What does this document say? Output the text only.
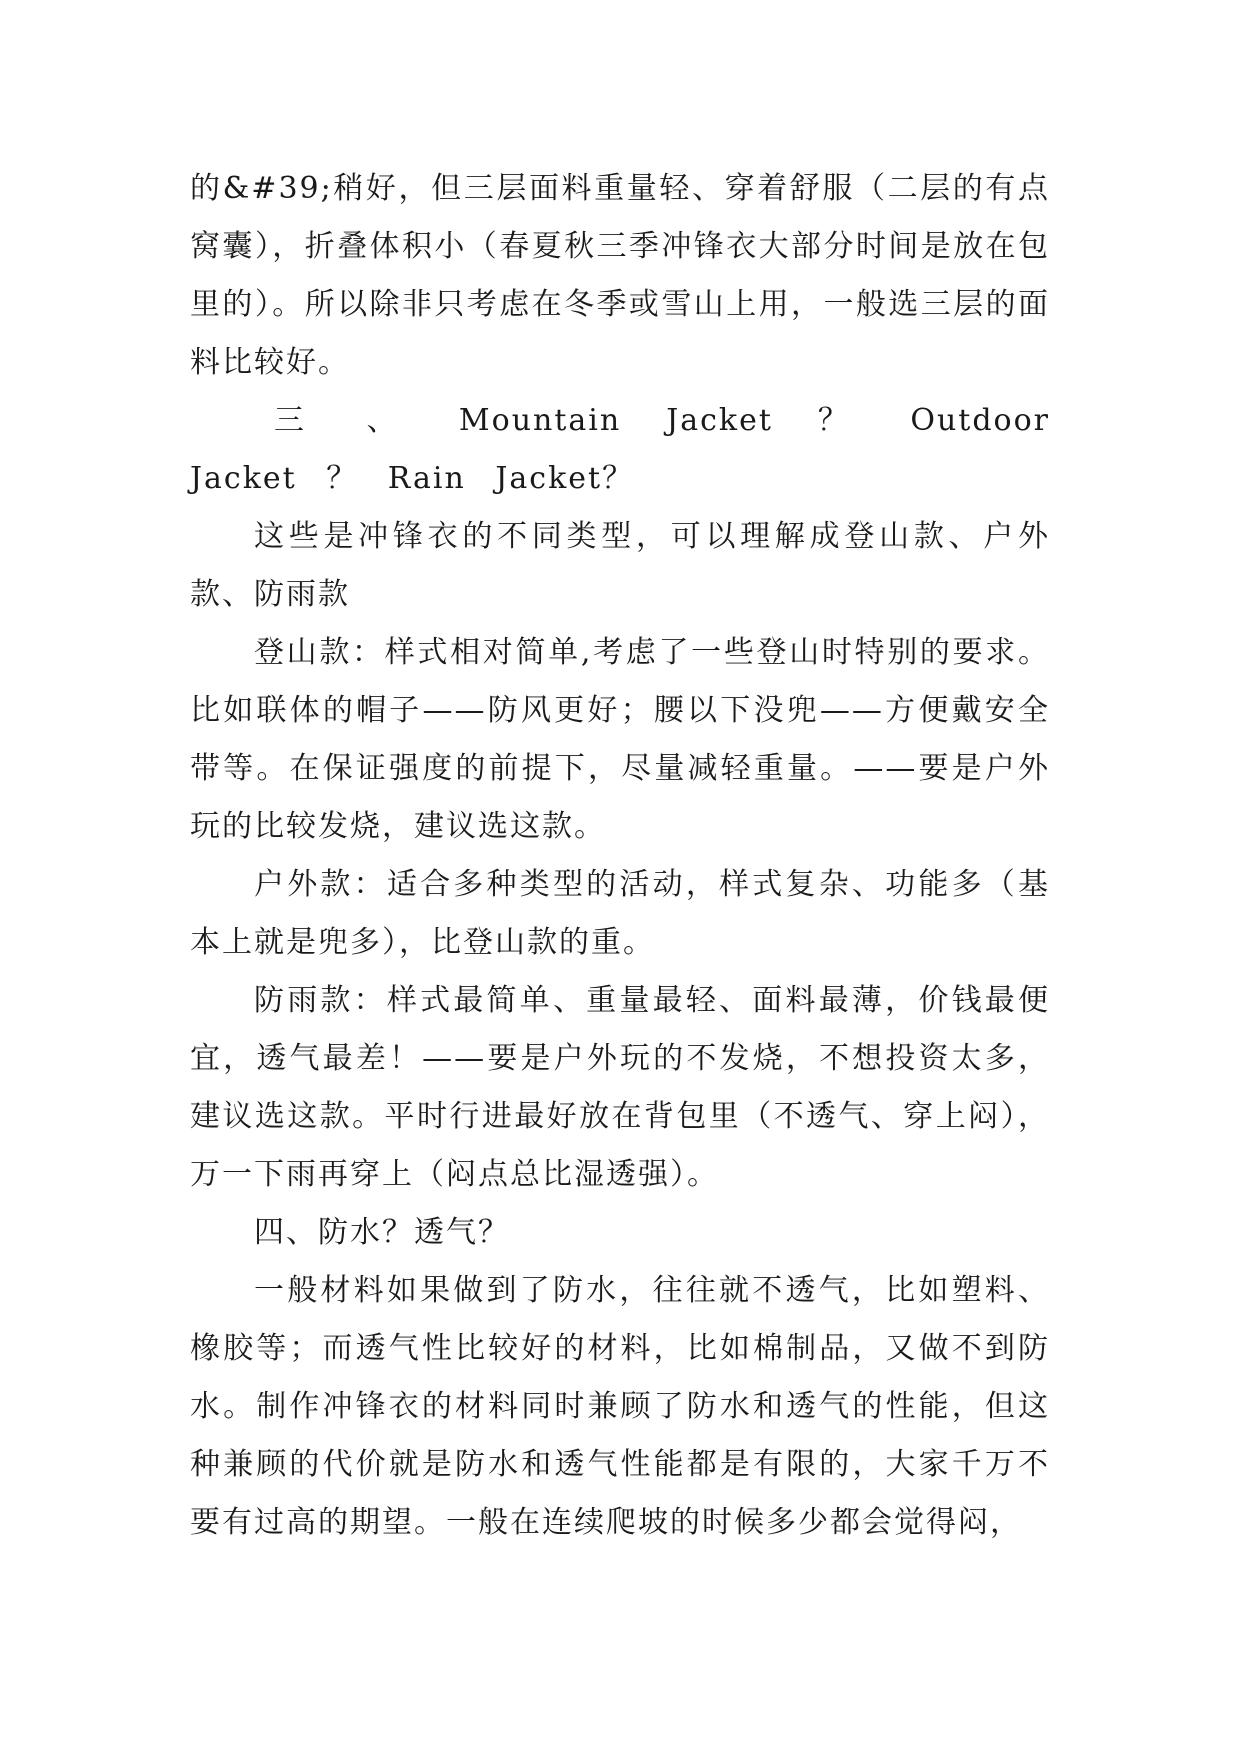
的&#39;稍好，但三层面料重量轻、穿着舒服（二层的有点窝囊），折叠体积小（春夏秋三季冲锋衣大部分时间是放在包里的）。所以除非只考虑在冬季或雪山上用，一般选三层的面料比较好。

三 、 Mountain Jacket ？ Outdoor Jacket ？ Rain Jacket？

这些是冲锋衣的不同类型，可以理解成登山款、户外款、防雨款

登山款：样式相对简单,考虑了一些登山时特别的要求。比如联体的帽子——防风更好；腰以下没兜——方便戴安全带等。在保证强度的前提下，尽量减轻重量。——要是户外玩的比较发烧，建议选这款。

户外款：适合多种类型的活动，样式复杂、功能多（基本上就是兜多），比登山款的重。

防雨款：样式最简单、重量最轻、面料最薄，价钱最便宜，透气最差！——要是户外玩的不发烧，不想投资太多，建议选这款。平时行进最好放在背包里（不透气、穿上闷），万一下雨再穿上（闷点总比湿透强）。

四、防水？透气？

一般材料如果做到了防水，往往就不透气，比如塑料、橡胶等；而透气性比较好的材料，比如棉制品，又做不到防水。制作冲锋衣的材料同时兼顾了防水和透气的性能，但这种兼顾的代价就是防水和透气性能都是有限的，大家千万不要有过高的期望。一般在连续爬坡的时候多少都会觉得闷，
